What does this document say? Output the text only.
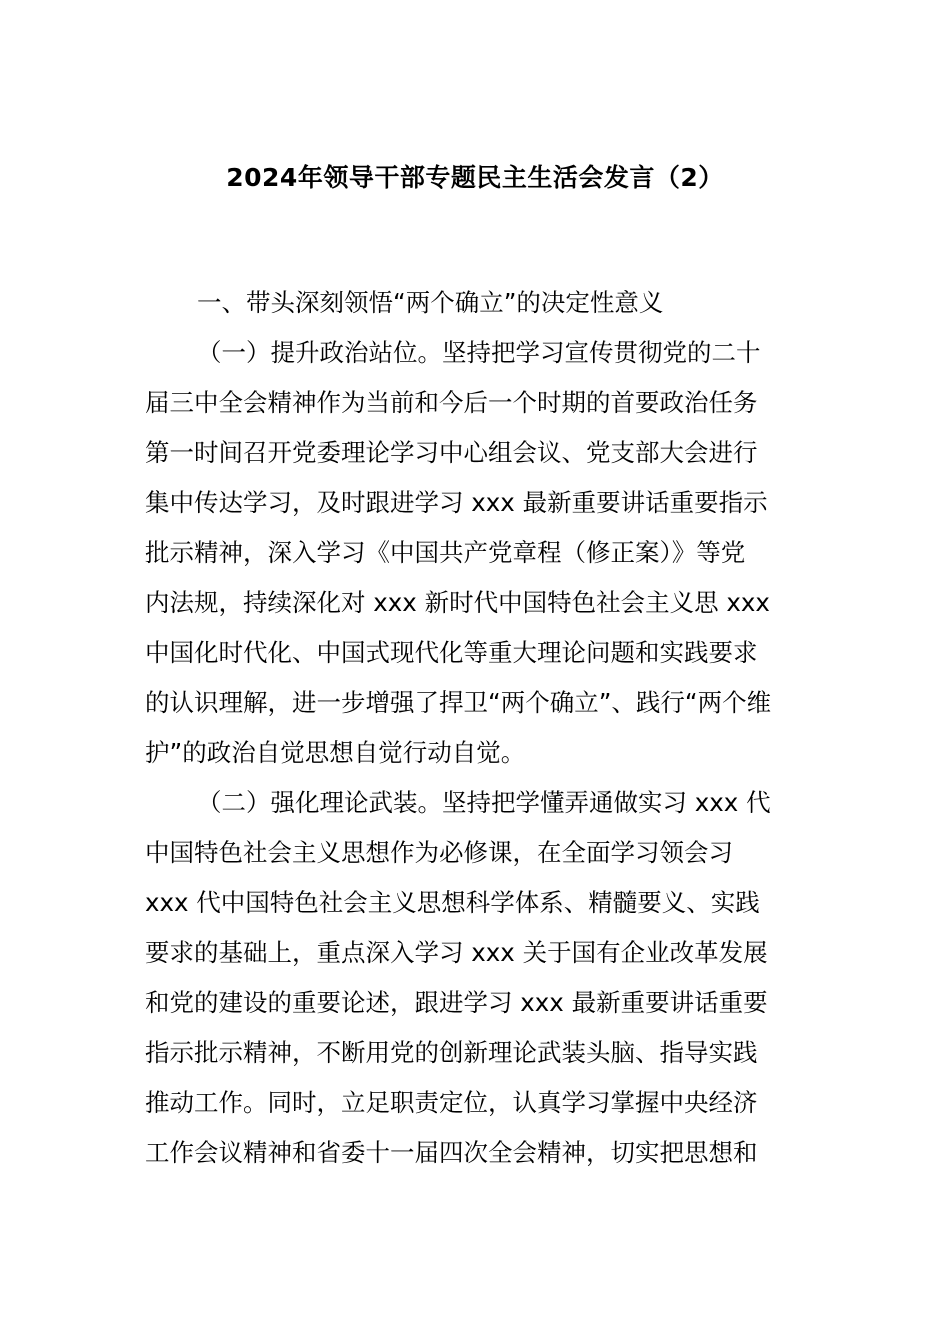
2024年领导干部专题民主生活会发言（2）
一、带头深刻领悟“两个确立”的决定性意义
（一）提升政治站位。坚持把学习宣传贯彻党的二十
届三中全会精神作为当前和今后一个时期的首要政治任务
第一时间召开党委理论学习中心组会议、党支部大会进行
集中传达学习，及时跟进学习 xxx 最新重要讲话重要指示
批示精神，深入学习《中国共产党章程（修正案）》等党
内法规，持续深化对 xxx 新时代中国特色社会主义思 xxx
中国化时代化、中国式现代化等重大理论问题和实践要求
的认识理解，进一步增强了捍卫“两个确立”、践行“两个维
护”的政治自觉思想自觉行动自觉。
（二）强化理论武装。坚持把学懂弄通做实习 xxx 代
中国特色社会主义思想作为必修课，在全面学习领会习
xxx 代中国特色社会主义思想科学体系、精髓要义、实践
要求的基础上，重点深入学习 xxx 关于国有企业改革发展
和党的建设的重要论述，跟进学习 xxx 最新重要讲话重要
指示批示精神，不断用党的创新理论武装头脑、指导实践
推动工作。同时，立足职责定位，认真学习掌握中央经济
工作会议精神和省委十一届四次全会精神，切实把思想和
